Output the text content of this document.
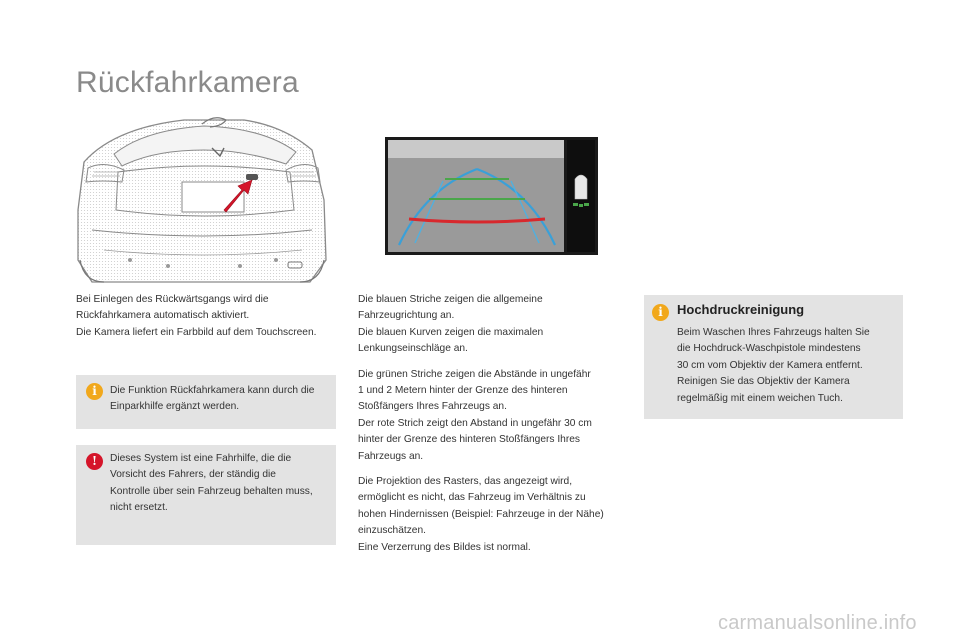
Rückfahrkamera

Bei Einlegen des Rückwärtsgangs wird die
Rückfahrkamera automatisch aktiviert.
Die Kamera liefert ein Farbbild auf dem Touchscreen.

i	Die Funktion Rückfahrkamera kann durch die
Einparkhilfe ergänzt werden.
!	Dieses System ist eine Fahrhilfe, die die
Vorsicht des Fahrers, der ständig die
Kontrolle über sein Fahrzeug behalten muss,
nicht ersetzt.

Die blauen Striche zeigen die allgemeine
Fahrzeugrichtung an.
Die blauen Kurven zeigen die maximalen
Lenkungseinschläge an.

Die grünen Striche zeigen die Abstände in ungefähr
1 und 2 Metern hinter der Grenze des hinteren
Stoßfängers Ihres Fahrzeugs an.
Der rote Strich zeigt den Abstand in ungefähr 30 cm
hinter der Grenze des hinteren Stoßfängers Ihres
Fahrzeugs an.

Die Projektion des Rasters, das angezeigt wird,
ermöglicht es nicht, das Fahrzeug im Verhältnis zu
hohen Hindernissen (Beispiel: Fahrzeuge in der Nähe)
einzuschätzen.
Eine Verzerrung des Bildes ist normal.

i	Hochdruckreinigung
Beim Waschen Ihres Fahrzeugs halten Sie
die Hochdruck-Waschpistole mindestens
30 cm vom Objektiv der Kamera entfernt.
Reinigen Sie das Objektiv der Kamera
regelmäßig mit einem weichen Tuch.
carmanualsonline.info
